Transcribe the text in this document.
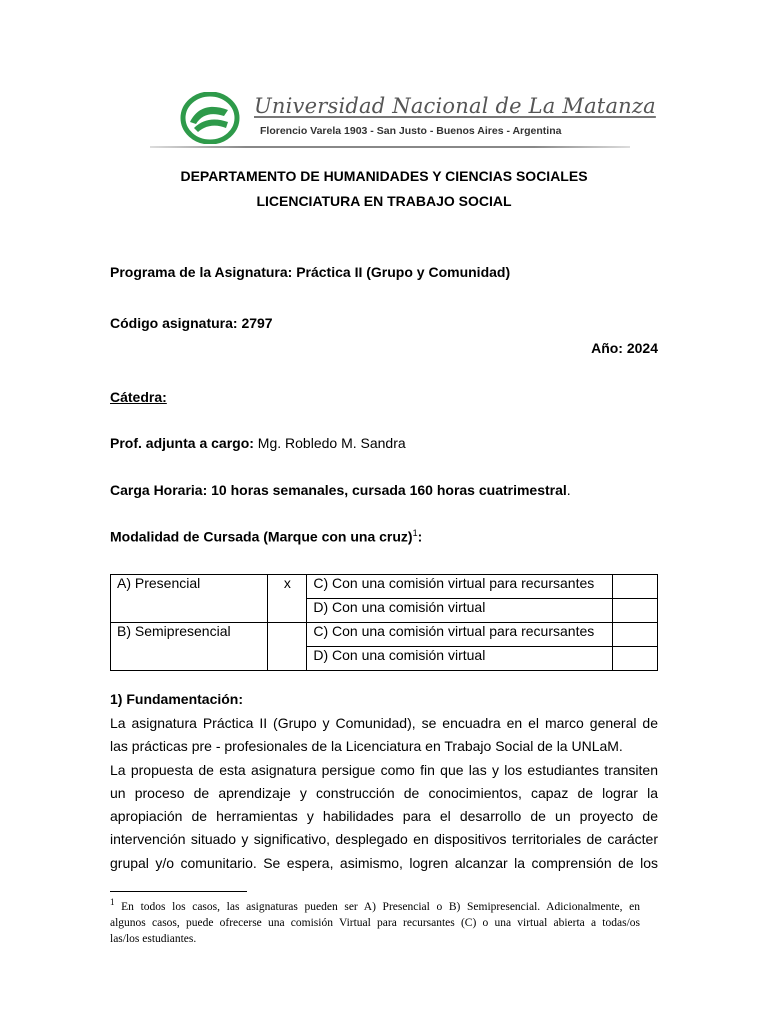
Universidad Nacional de La Matanza
Florencio Varela 1903 - San Justo - Buenos Aires - Argentina
DEPARTAMENTO DE HUMANIDADES Y CIENCIAS SOCIALES
LICENCIATURA EN TRABAJO SOCIAL
Programa de la Asignatura: Práctica II (Grupo y Comunidad)
Código asignatura: 2797
Año: 2024
Cátedra:
Prof. adjunta a cargo: Mg. Robledo M. Sandra
Carga Horaria: 10 horas semanales, cursada 160 horas cuatrimestral.
Modalidad de Cursada (Marque con una cruz)$^1$:
A) Presencial	x	C) Con una comisión virtual para recursantes	
		D) Con una comisión virtual	
B) Semipresencial		C) Con una comisión virtual para recursantes	
		D) Con una comisión virtual	
1) Fundamentación:
La asignatura Práctica II (Grupo y Comunidad), se encuadra en el marco general de
las prácticas pre - profesionales de la Licenciatura en Trabajo Social de la UNLaM.
La propuesta de esta asignatura persigue como fin que las y los estudiantes transiten
un proceso de aprendizaje y construcción de conocimientos, capaz de lograr la
apropiación de herramientas y habilidades para el desarrollo de un proyecto de
intervención situado y significativo, desplegado en dispositivos territoriales de carácter
grupal y/o comunitario. Se espera, asimismo, logren alcanzar la comprensión de los
$^1$ En todos los casos, las asignaturas pueden ser A) Presencial o B) Semipresencial. Adicionalmente, en
algunos casos, puede ofrecerse una comisión Virtual para recursantes (C) o una virtual abierta a todas/os
las/los estudiantes.
